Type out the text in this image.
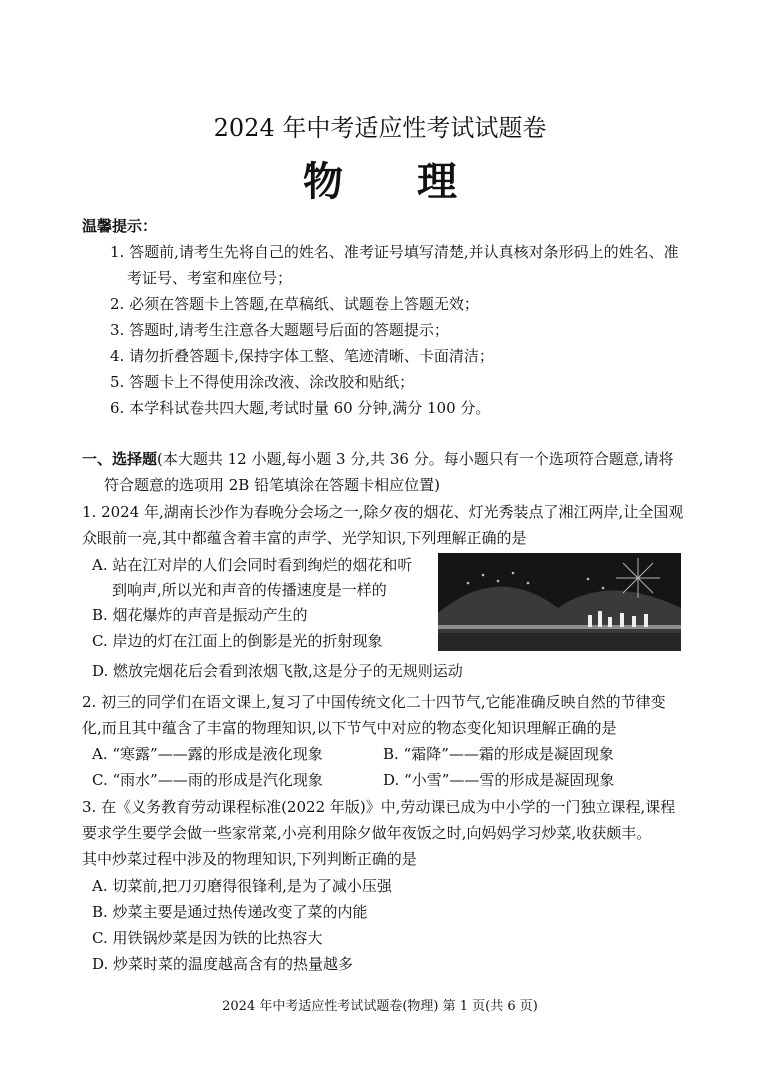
2024 年中考适应性考试试题卷
物 理
温馨提示：
1. 答题前,请考生先将自己的姓名、准考证号填写清楚,并认真核对条形码上的姓名、准
考证号、考室和座位号；
2. 必须在答题卡上答题,在草稿纸、试题卷上答题无效；
3. 答题时,请考生注意各大题题号后面的答题提示；
4. 请勿折叠答题卡,保持字体工整、笔迹清晰、卡面清洁；
5. 答题卡上不得使用涂改液、涂改胶和贴纸；
6. 本学科试卷共四大题,考试时量 60 分钟,满分 100 分。
一、选择题(本大题共 12 小题,每小题 3 分,共 36 分。每小题只有一个选项符合题意,请将
符合题意的选项用 2B 铅笔填涂在答题卡相应位置)
1. 2024 年,湖南长沙作为春晚分会场之一,除夕夜的烟花、灯光秀装点了湘江两岸,让全国观
众眼前一亮,其中都蕴含着丰富的声学、光学知识,下列理解正确的是
A. 站在江对岸的人们会同时看到绚烂的烟花和听
到响声,所以光和声音的传播速度是一样的
B. 烟花爆炸的声音是振动产生的
C. 岸边的灯在江面上的倒影是光的折射现象
D. 燃放完烟花后会看到浓烟飞散,这是分子的无规则运动
2. 初三的同学们在语文课上,复习了中国传统文化二十四节气,它能准确反映自然的节律变
化,而且其中蕴含了丰富的物理知识,以下节气中对应的物态变化知识理解正确的是
A. “寒露”——露的形成是液化现象	B. “霜降”——霜的形成是凝固现象
C. “雨水”——雨的形成是汽化现象	D. “小雪”——雪的形成是凝固现象
3. 在《义务教育劳动课程标准(2022 年版)》中,劳动课已成为中小学的一门独立课程,课程
要求学生要学会做一些家常菜,小亮利用除夕做年夜饭之时,向妈妈学习炒菜,收获颇丰。
其中炒菜过程中涉及的物理知识,下列判断正确的是
A. 切菜前,把刀刃磨得很锋利,是为了减小压强
B. 炒菜主要是通过热传递改变了菜的内能
C. 用铁锅炒菜是因为铁的比热容大
D. 炒菜时菜的温度越高含有的热量越多
2024 年中考适应性考试试题卷(物理) 第 1 页(共 6 页)
